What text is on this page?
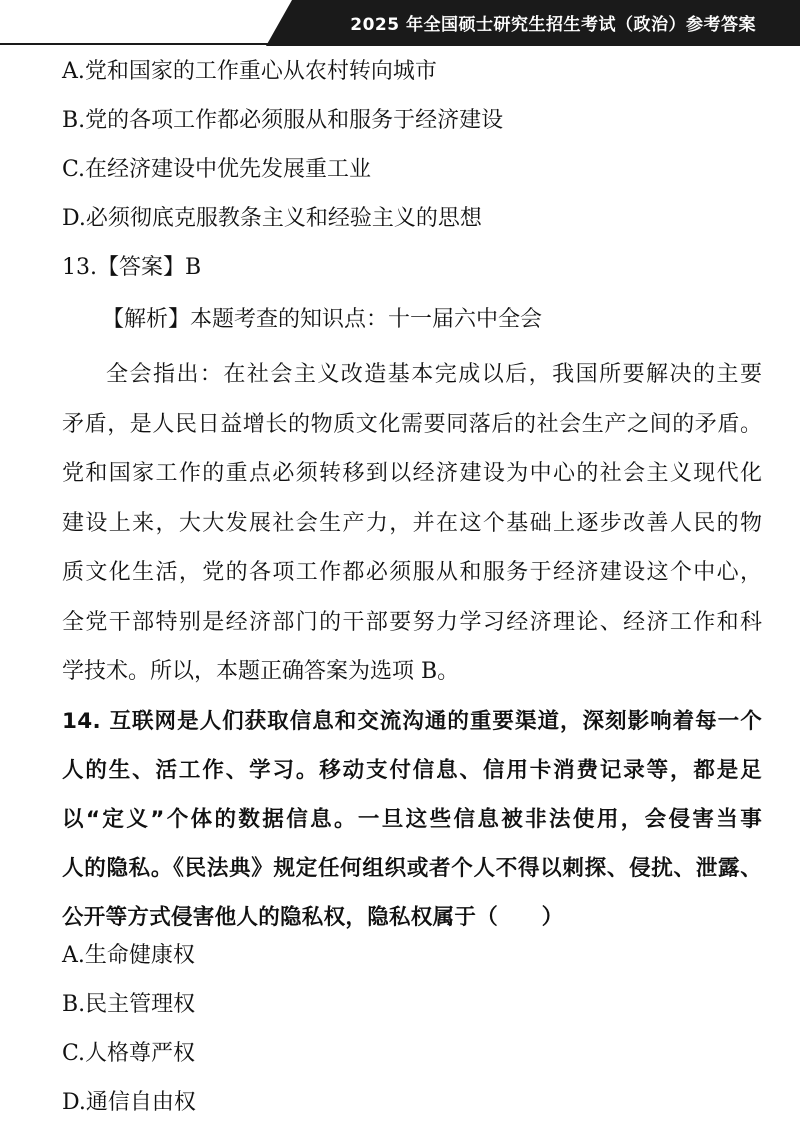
2025 年全国硕士研究生招生考试（政治）参考答案
A.党和国家的工作重心从农村转向城市
B.党的各项工作都必须服从和服务于经济建设
C.在经济建设中优先发展重工业
D.必须彻底克服教条主义和经验主义的思想
13.【答案】B
【解析】本题考查的知识点：十一届六中全会
全会指出：在社会主义改造基本完成以后，我国所要解决的主要
矛盾，是人民日益增长的物质文化需要同落后的社会生产之间的矛盾。
党和国家工作的重点必须转移到以经济建设为中心的社会主义现代化
建设上来，大大发展社会生产力，并在这个基础上逐步改善人民的物
质文化生活，党的各项工作都必须服从和服务于经济建设这个中心，
全党干部特别是经济部门的干部要努力学习经济理论、经济工作和科
学技术。所以，本题正确答案为选项 B。
14. 互联网是人们获取信息和交流沟通的重要渠道，深刻影响着每一个
人的生、活工作、学习。移动支付信息、信用卡消费记录等，都是足
以“定义”个体的数据信息。一旦这些信息被非法使用，会侵害当事
人的隐私。《民法典》规定任何组织或者个人不得以刺探、侵扰、泄露、
公开等方式侵害他人的隐私权，隐私权属于（　　）
A.生命健康权
B.民主管理权
C.人格尊严权
D.通信自由权
